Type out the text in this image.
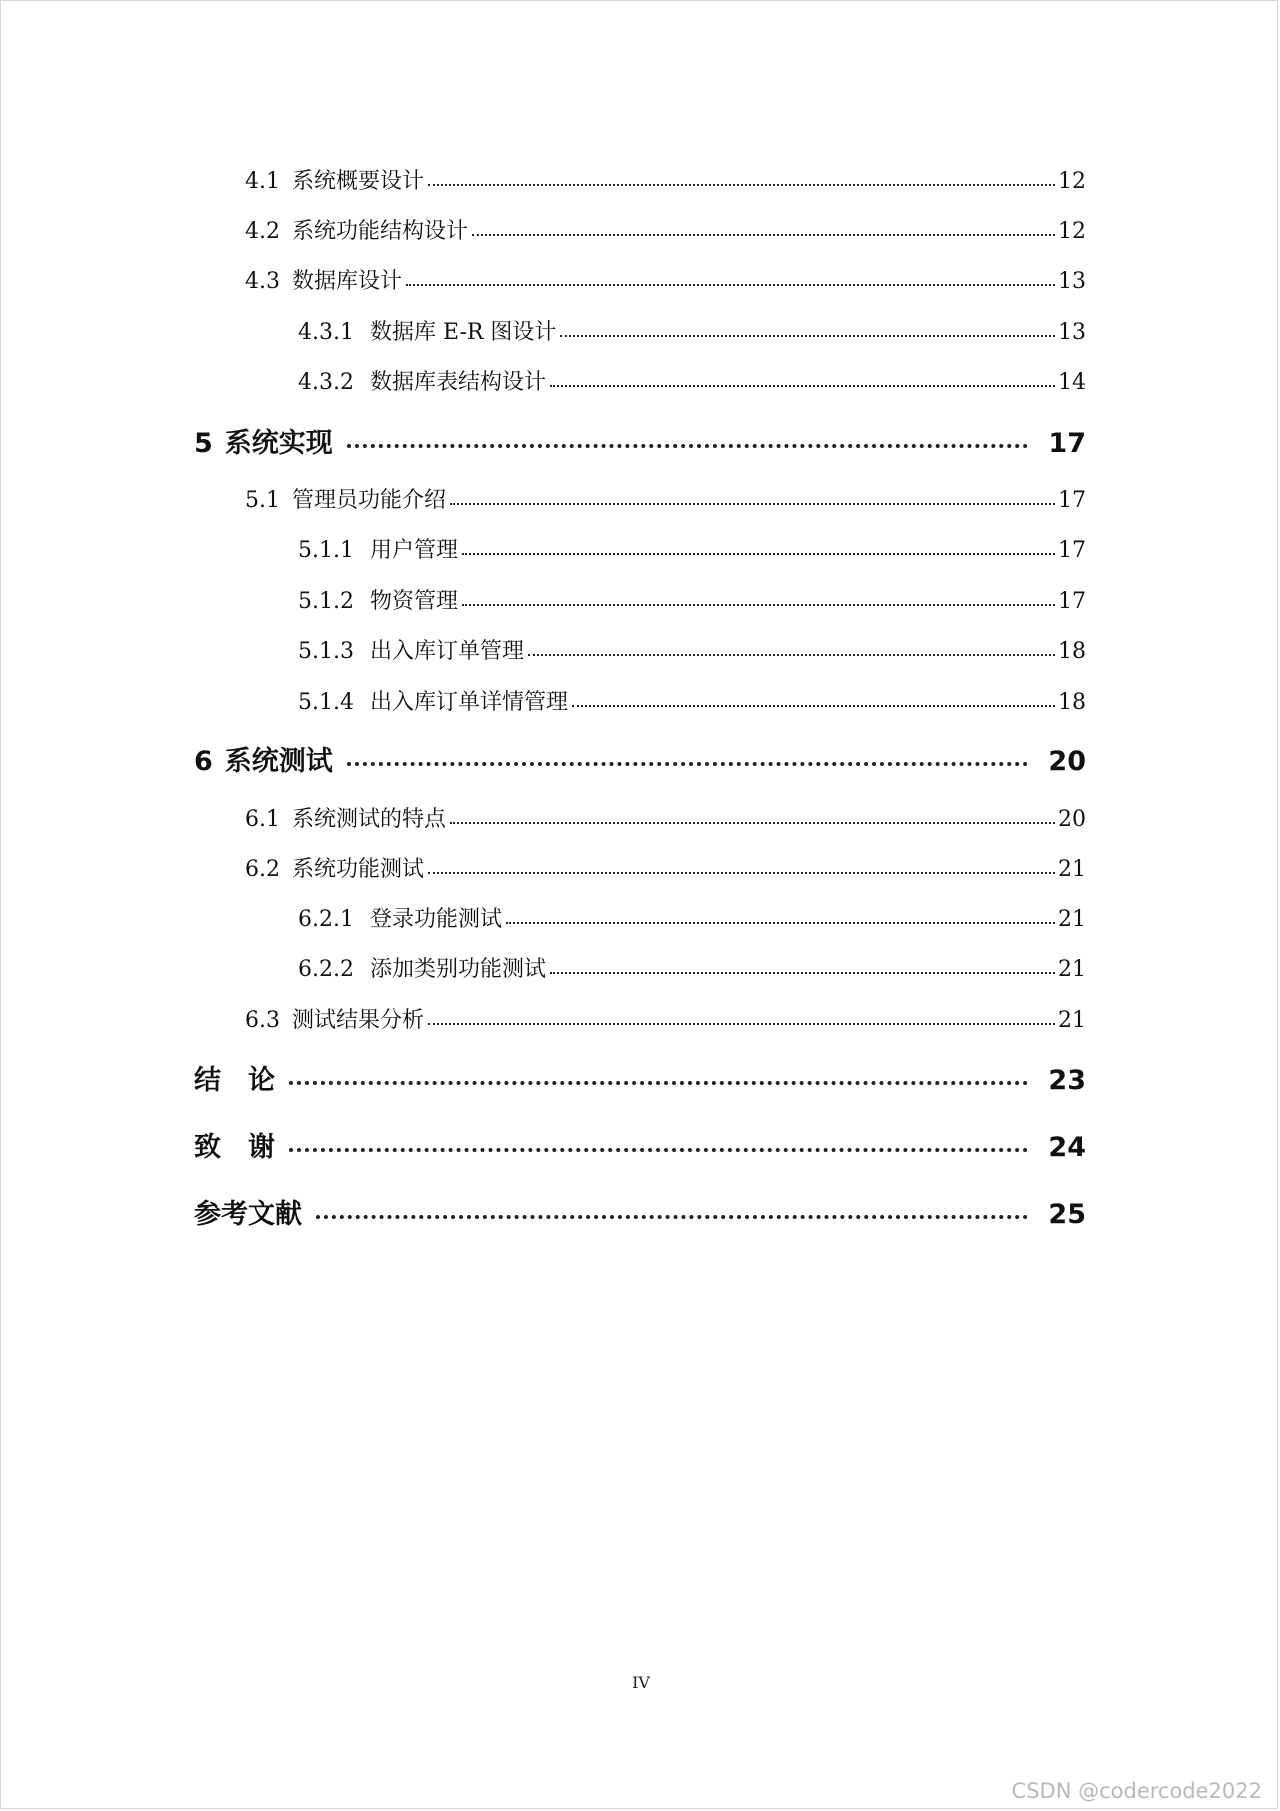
4.1 系统概要设计	12
4.2 系统功能结构设计	12
4.3 数据库设计	13
4.3.1 数据库 E-R 图设计	13
4.3.2 数据库表结构设计	14
5 系统实现	17
5.1 管理员功能介绍	17
5.1.1 用户管理	17
5.1.2 物资管理	17
5.1.3 出入库订单管理	18
5.1.4 出入库订单详情管理	18
6 系统测试	20
6.1 系统测试的特点	20
6.2 系统功能测试	21
6.2.1 登录功能测试	21
6.2.2 添加类别功能测试	21
6.3 测试结果分析	21
结　论	23
致　谢	24
参考文献	25
IV
CSDN @codercode2022
